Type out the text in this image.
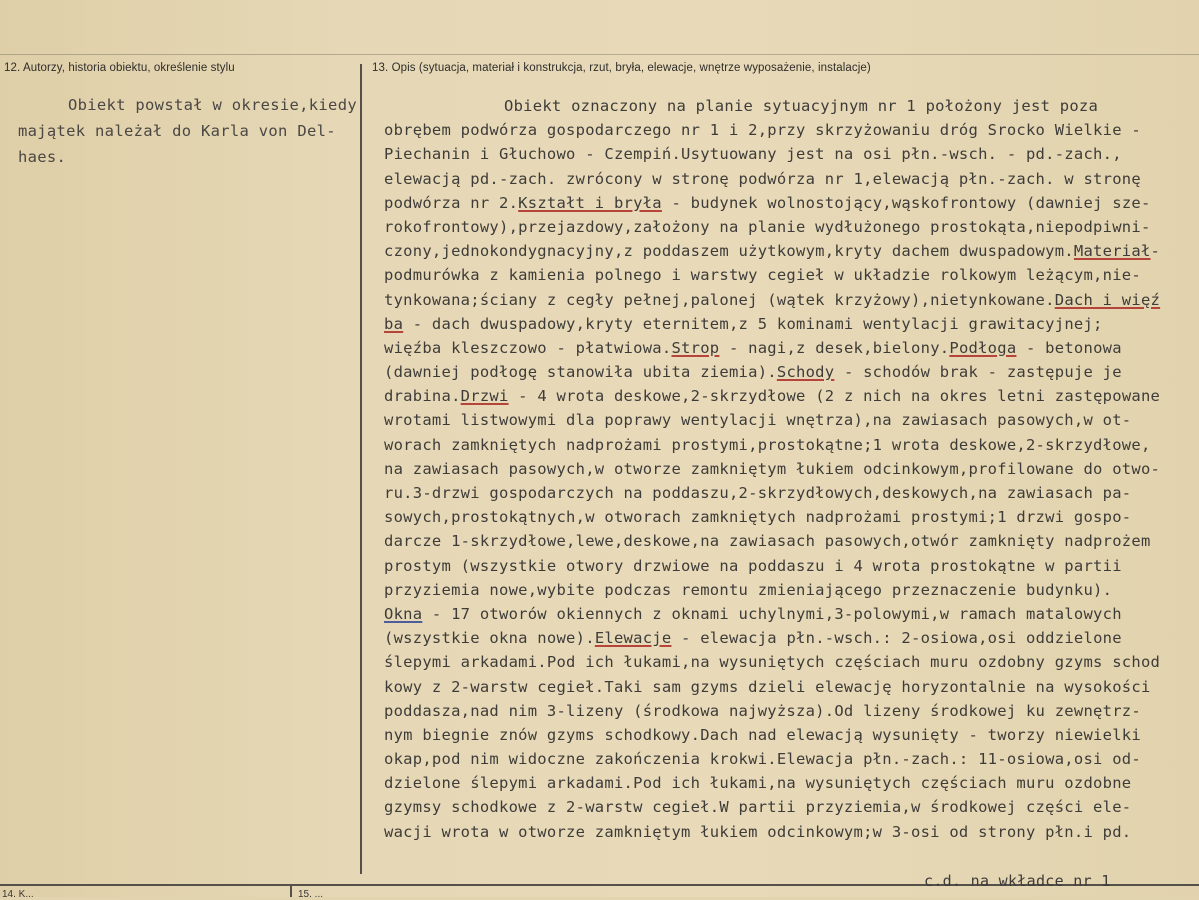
12. Autorzy, historia obiektu, określenie stylu	13. Opis (sytuacja, materiał i konstrukcja, rzut, bryła, elewacje, wnętrze wyposażenie, instalacje)
Obiekt powstał w okresie,kiedy
majątek należał do Karla von Del-
haes.
Obiekt oznaczony na planie sytuacyjnym nr 1 położony jest poza
obrębem podwórza gospodarczego nr 1 i 2,przy skrzyżowaniu dróg Srocko Wielkie -
Piechanin i Głuchowo - Czempiń.Usytuowany jest na osi płn.-wsch. - pd.-zach.,
elewacją pd.-zach. zwrócony w stronę podwórza nr 1,elewacją płn.-zach. w stronę
podwórza nr 2.Kształt i bryła - budynek wolnostojący,wąskofrontowy (dawniej sze-
rokofrontowy),przejazdowy,założony na planie wydłużonego prostokąta,niepodpiwni-
czony,jednokondygnacyjny,z poddaszem użytkowym,kryty dachem dwuspadowym.Materiał-
podmurówka z kamienia polnego i warstwy cegieł w układzie rolkowym leżącym,nie-
tynkowana;ściany z cegły pełnej,palonej (wątek krzyżowy),nietynkowane.Dach i więź
ba - dach dwuspadowy,kryty eternitem,z 5 kominami wentylacji grawitacyjnej;
więźba kleszczowo - płatwiowa.Strop - nagi,z desek,bielony.Podłoga - betonowa
(dawniej podłogę stanowiła ubita ziemia).Schody - schodów brak - zastępuje je
drabina.Drzwi - 4 wrota deskowe,2-skrzydłowe (2 z nich na okres letni zastępowane
wrotami listwowymi dla poprawy wentylacji wnętrza),na zawiasach pasowych,w ot-
worach zamkniętych nadprożami prostymi,prostokątne;1 wrota deskowe,2-skrzydłowe,
na zawiasach pasowych,w otworze zamkniętym łukiem odcinkowym,profilowane do otwo-
ru.3-drzwi gospodarczych na poddaszu,2-skrzydłowych,deskowych,na zawiasach pa-
sowych,prostokątnych,w otworach zamkniętych nadprożami prostymi;1 drzwi gospo-
darcze 1-skrzydłowe,lewe,deskowe,na zawiasach pasowych,otwór zamknięty nadprożem
prostym (wszystkie otwory drzwiowe na poddaszu i 4 wrota prostokątne w partii
przyziemia nowe,wybite podczas remontu zmieniającego przeznaczenie budynku).
Okna - 17 otworów okiennych z oknami uchylnymi,3-polowymi,w ramach matalowych
(wszystkie okna nowe).Elewacje - elewacja płn.-wsch.: 2-osiowa,osi oddzielone
ślepymi arkadami.Pod ich łukami,na wysuniętych częściach muru ozdobny gzyms schod
kowy z 2-warstw cegieł.Taki sam gzyms dzieli elewację horyzontalnie na wysokości
poddasza,nad nim 3-lizeny (środkowa najwyższa).Od lizeny środkowej ku zewnętrz-
nym biegnie znów gzyms schodkowy.Dach nad elewacją wysunięty - tworzy niewielki
okap,pod nim widoczne zakończenia krokwi.Elewacja płn.-zach.: 11-osiowa,osi od-
dzielone ślepymi arkadami.Pod ich łukami,na wysuniętych częściach muru ozdobne
gzymsy schodkowe z 2-warstw cegieł.W partii przyziemia,w środkowej części ele-
wacji wrota w otworze zamkniętym łukiem odcinkowym;w 3-osi od strony płn.i pd.
c.d. na wkładce nr 1
14. K...	15. ...
